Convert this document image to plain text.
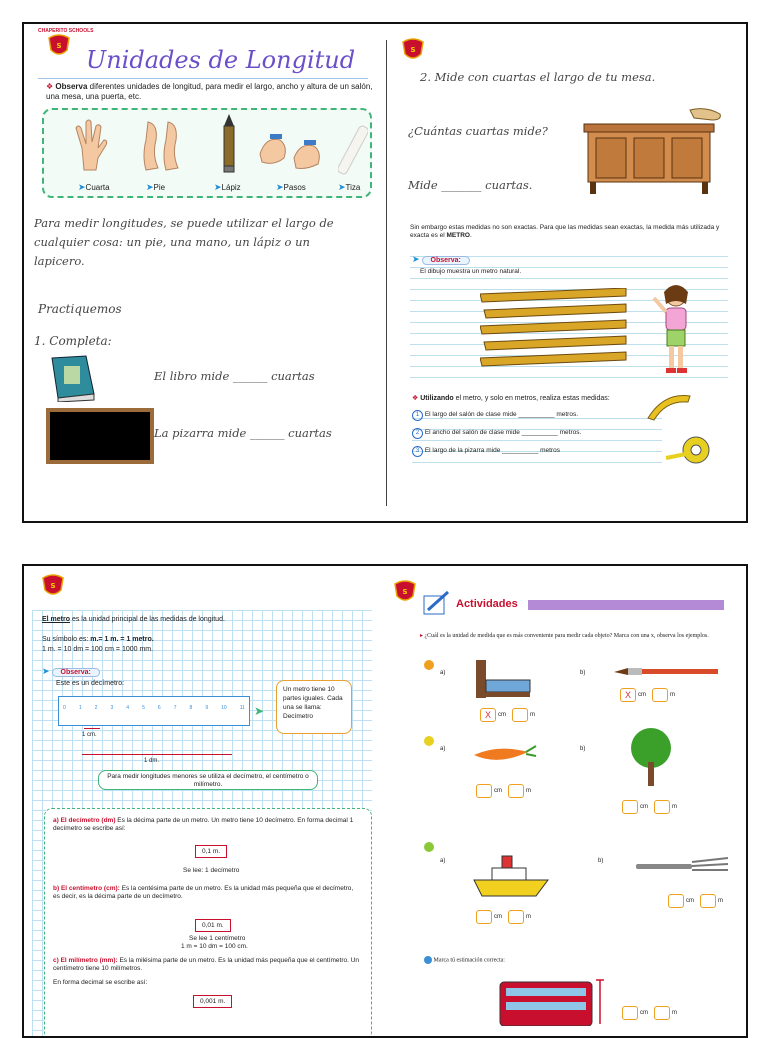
S
CHAPERITO SCHOOLS
Unidades de Longitud
❖ Observa diferentes unidades de longitud, para medir el largo, ancho y altura de un salón, una mesa, una puerta, etc.
➤Cuarta	➤Pie	➤Lápiz	➤Pasos	➤Tiza
Para medir longitudes, se puede utilizar el largo de cualquier cosa: un pie, una mano, un lápiz o un lapicero.
Practiquemos
1. Completa:
El libro mide ______ cuartas
La pizarra mide ______ cuartas
S
2. Mide con cuartas el largo de tu mesa.
¿Cuántas cuartas mide?
Mide _______ cuartas.
Sin embargo estas medidas no son exactas. Para que las medidas sean exactas, la medida más utilizada y exacta es el METRO.
➤ Observa:
El dibujo muestra un metro natural.
❖ Utilizando el metro, y solo en metros, realiza estas medidas:
1 El largo del salón de clase mide __________ metros.
2 El ancho del salón de clase mide __________ metros.
3 El largo de la pizarra mide __________ metros
S
El metro es la unidad principal de las medidas de longitud.
Su símbolo es: m.= 1 m. = 1 metro.
1 m. = 10 dm = 100 cm = 1000 mm.
➤ Observa:
Este es un decímetro:
0	1	2	3	4	5	6	7	8	9	10	11 ➤
Un metro tiene 10 partes iguales. Cada una se llama: Decímetro
1 cm.
1 dm.
Para medir longitudes menores se utiliza el decímetro, el centímetro o milímetro.
a) El decímetro (dm) Es la décima parte de un metro. Un metro tiene 10 decímetro. En forma decimal 1 decímetro se escribe así:
0,1 m.
Se lee: 1 decímetro
b) El centímetro (cm): Es la centésima parte de un metro. Es la unidad más pequeña que el decímetro, es decir, es la décima parte de un decímetro.
0,01 m.
Se lee 1 centímetro
1 m = 10 dm = 100 cm.
c) El milímetro (mm): Es la milésima parte de un metro. Es la unidad más pequeña que el centímetro. Un centímetro tiene 10 milímetros.
En forma decimal se escribe así:
0,001 m.
S
Actividades
▸ ¿Cuál es la unidad de medida que es más conveniente para medir cada objeto? Marca con una x, observa los ejemplos.
a)
X cm	m
b)
X cm	m
a)
cm	m
b)
cm	m
a)
cm	m
b)
cm	m
Marca tú estimación correcta:
cm	m
